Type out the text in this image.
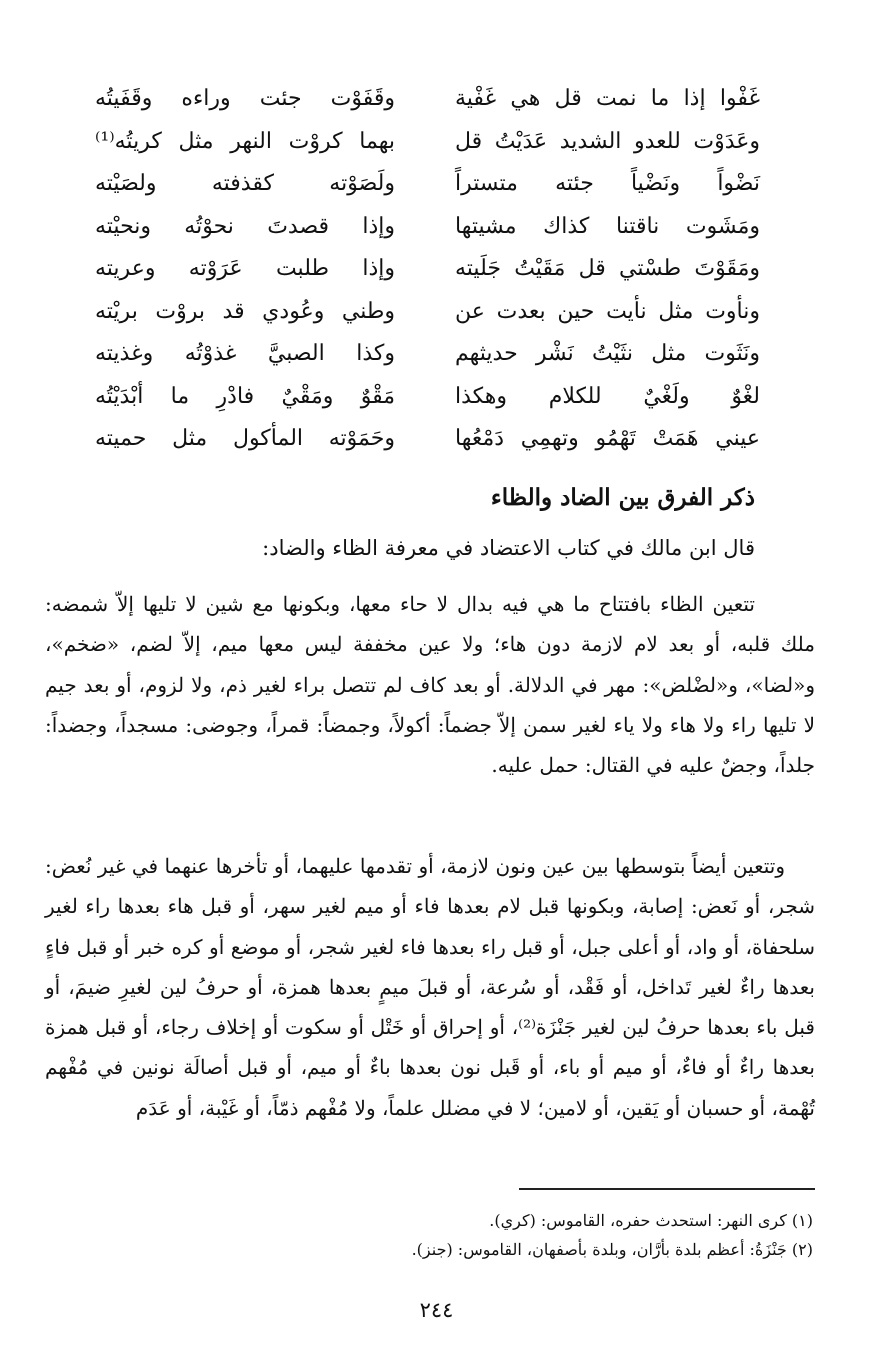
غَفْوا إذا ما نمت قل هي غَفْية
وقَفَوْت جئت وراءه وقَفَيتُه
وعَدَوْت للعدو الشديد عَدَيْتُ قل
بهما كروْت النهر مثل كريتُه⁽¹⁾
نَضْواً ونَضْياً جئته متستراً
ولَصَوْته كقذفته ولصَيْته
ومَشَوت ناقتنا كذاك مشيتها
وإذا قصدتَ نحوْتُه ونحيْته
ومَقَوْتَ طسْتي قل مَقَيْتُ جَلَيته
وإذا طلبت عَرَوْته وعريته
ونأوت مثل نأيت حين بعدت عن
وطني وعُودي قد بروْت بريْته
ونَثَوت مثل نثَيْتُ نَشْر حديثهم
وكذا الصبيَّ غذوْتُه وغذيته
لغْوٌ ولَغْيٌ للكلام وهكذا
مَقْوٌ ومَقْيٌ فادْرِ ما أبْدَيْتُه
عيني هَمَتْ تَهْمُو وتهمِي دَمْعُها
وحَمَوْته المأكول مثل حميته
ذكر الفرق بين الضاد والظاء
قال ابن مالك في كتاب الاعتضاد في معرفة الظاء والضاد:

تتعين الظاء بافتتاح ما هي فيه بدال لا حاء معها، وبكونها مع شين لا تليها إلاّ شمضه: ملك قلبه، أو بعد لام لازمة دون هاء؛ ولا عين مخففة ليس معها ميم، إلاّ لضم، «ضخم»، و«لضا»، و«لضْلض»: مهر في الدلالة. أو بعد كاف لم تتصل براء لغير ذم، ولا لزوم، أو بعد جيم لا تليها راء ولا هاء ولا ياء لغير سمن إلاّ جضماً: أكولاً، وجمضاً: قمراً، وجوضى: مسجداً، وجضداً: جلداً، وجضٌ عليه في القتال: حمل عليه.

وتتعين أيضاً بتوسطها بين عين ونون لازمة، أو تقدمها عليهما، أو تأخرها عنهما في غير نُعض: شجر، أو نَعض: إصابة، وبكونها قبل لام بعدها فاء أو ميم لغير سهر، أو قبل هاء بعدها راء لغير سلحفاة، أو واد، أو أعلى جبل، أو قبل راء بعدها فاء لغير شجر، أو موضع أو كره خبر أو قبل فاءٍ بعدها راءٌ لغير تَداخل، أو فَقْد، أو سُرعة، أو قبلَ ميمٍ بعدها همزة، أو حرفُ لين لغيرِ ضيمَ، أو قبل باء بعدها حرفُ لين لغير جَنْزَة⁽²⁾، أو إحراق أو خَتْل أو سكوت أو إخلاف رجاء، أو قبل همزة بعدها راءٌ أو فاءٌ، أو ميم أو باء، أو قَبل نون بعدها باءٌ أو ميم، أو قبل أصالَة نونين في مُفْهم تُهْمة، أو حسبان أو يَقين، أو لامين؛ لا في مضلل علماً، ولا مُفْهم ذمّاً، أو غَيْبة، أو عَدَم

(١) كرى النهر: استحدث حفره، القاموس: (كري).
(٢) جَنْزَةُ: أعظم بلدة بأرَّان، وبلدة بأصفهان، القاموس: (جنز).
٢٤٤
